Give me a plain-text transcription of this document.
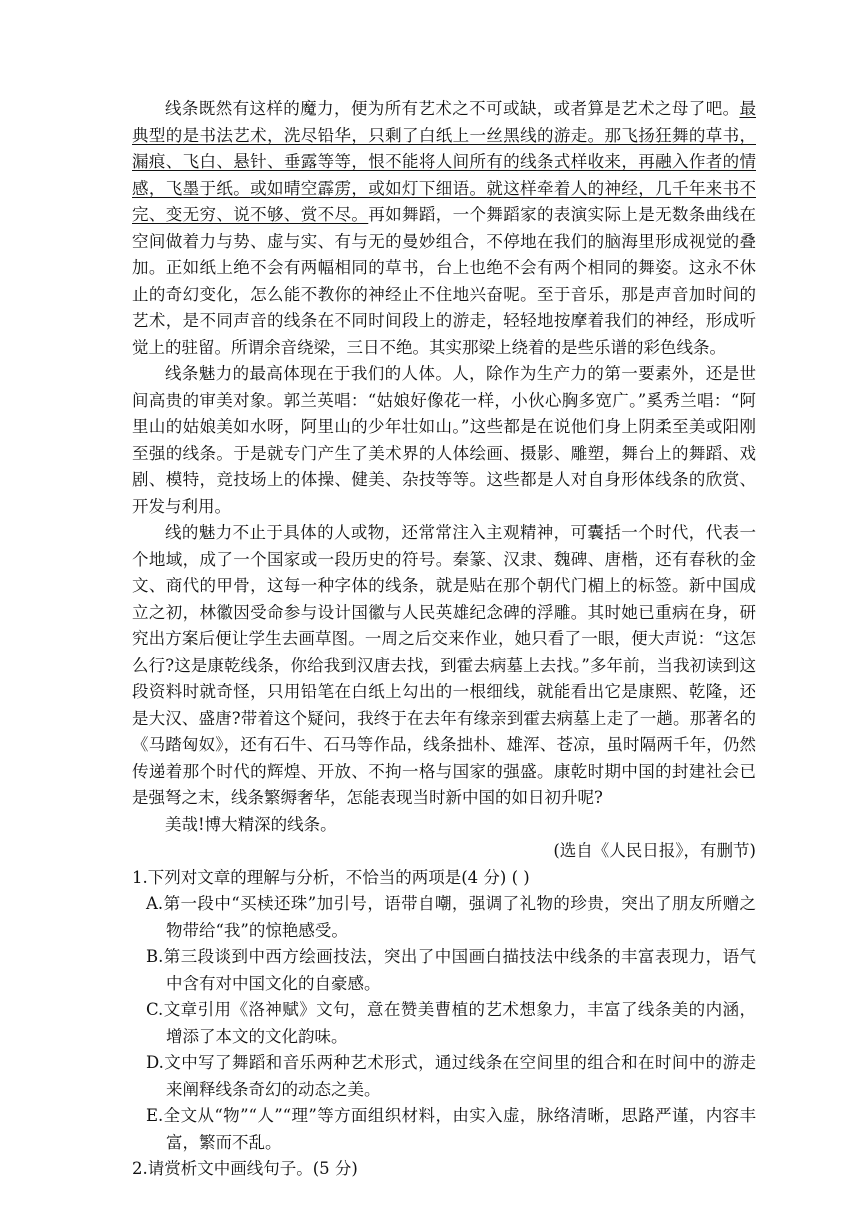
线条既然有这样的魔力，便为所有艺术之不可或缺，或者算是艺术之母了吧。最典型的是书法艺术，洗尽铅华，只剩了白纸上一丝黑线的游走。那飞扬狂舞的草书，漏痕、飞白、悬针、垂露等等，恨不能将人间所有的线条式样收来，再融入作者的情感，飞墨于纸。或如晴空霹雳，或如灯下细语。就这样牵着人的神经，几千年来书不完、变无穷、说不够、赏不尽。再如舞蹈，一个舞蹈家的表演实际上是无数条曲线在空间做着力与势、虚与实、有与无的曼妙组合，不停地在我们的脑海里形成视觉的叠加。正如纸上绝不会有两幅相同的草书，台上也绝不会有两个相同的舞姿。这永不休止的奇幻变化，怎么能不教你的神经止不住地兴奋呢。至于音乐，那是声音加时间的艺术，是不同声音的线条在不同时间段上的游走，轻轻地按摩着我们的神经，形成听觉上的驻留。所谓余音绕梁，三日不绝。其实那梁上绕着的是些乐谱的彩色线条。

线条魅力的最高体现在于我们的人体。人，除作为生产力的第一要素外，还是世间高贵的审美对象。郭兰英唱：“姑娘好像花一样，小伙心胸多宽广。”奚秀兰唱：“阿里山的姑娘美如水呀，阿里山的少年壮如山。”这些都是在说他们身上阴柔至美或阳刚至强的线条。于是就专门产生了美术界的人体绘画、摄影、雕塑，舞台上的舞蹈、戏剧、模特，竞技场上的体操、健美、杂技等等。这些都是人对自身形体线条的欣赏、开发与利用。

线的魅力不止于具体的人或物，还常常注入主观精神，可囊括一个时代，代表一个地域，成了一个国家或一段历史的符号。秦篆、汉隶、魏碑、唐楷，还有春秋的金文、商代的甲骨，这每一种字体的线条，就是贴在那个朝代门楣上的标签。新中国成立之初，林徽因受命参与设计国徽与人民英雄纪念碑的浮雕。其时她已重病在身，研究出方案后便让学生去画草图。一周之后交来作业，她只看了一眼，便大声说：“这怎么行?这是康乾线条，你给我到汉唐去找，到霍去病墓上去找。”多年前，当我初读到这段资料时就奇怪，只用铅笔在白纸上勾出的一根细线，就能看出它是康熙、乾隆，还是大汉、盛唐?带着这个疑问，我终于在去年有缘亲到霍去病墓上走了一趟。那著名的《马踏匈奴》，还有石牛、石马等作品，线条拙朴、雄浑、苍凉，虽时隔两千年，仍然传递着那个时代的辉煌、开放、不拘一格与国家的强盛。康乾时期中国的封建社会已是强弩之末，线条繁缛奢华，怎能表现当时新中国的如日初升呢?

美哉!博大精深的线条。

(选自《人民日报》，有删节)

1.下列对文章的理解与分析，不恰当的两项是(4 分) ( )

A.第一段中“买椟还珠”加引号，语带自嘲，强调了礼物的珍贵，突出了朋友所赠之物带给“我”的惊艳感受。

B.第三段谈到中西方绘画技法，突出了中国画白描技法中线条的丰富表现力，语气中含有对中国文化的自豪感。

C.文章引用《洛神赋》文句，意在赞美曹植的艺术想象力，丰富了线条美的内涵，增添了本文的文化韵味。

D.文中写了舞蹈和音乐两种艺术形式，通过线条在空间里的组合和在时间中的游走来阐释线条奇幻的动态之美。

E.全文从“物”“人”“理”等方面组织材料，由实入虚，脉络清晰，思路严谨，内容丰富，繁而不乱。

2.请赏析文中画线句子。(5 分)
